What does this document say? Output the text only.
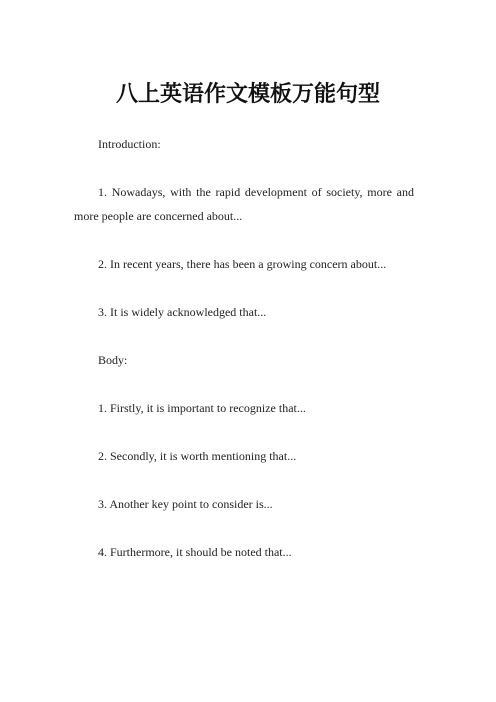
八上英语作文模板万能句型

Introduction:

1. Nowadays, with the rapid development of society, more and more people are concerned about...

2. In recent years, there has been a growing concern about...

3. It is widely acknowledged that...

Body:

1. Firstly, it is important to recognize that...

2. Secondly, it is worth mentioning that...

3. Another key point to consider is...

4. Furthermore, it should be noted that...
